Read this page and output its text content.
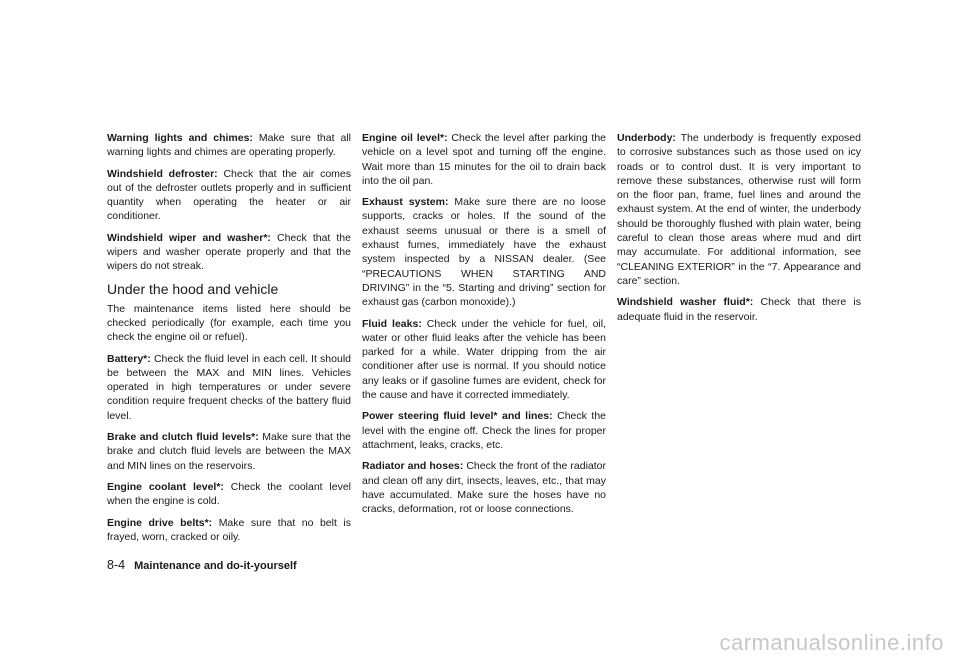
Warning lights and chimes: Make sure that all warning lights and chimes are operating properly.

Windshield defroster: Check that the air comes out of the defroster outlets properly and in sufficient quantity when operating the heater or air conditioner.

Windshield wiper and washer*: Check that the wipers and washer operate properly and that the wipers do not streak.

Under the hood and vehicle

The maintenance items listed here should be checked periodically (for example, each time you check the engine oil or refuel).

Battery*: Check the fluid level in each cell. It should be between the MAX and MIN lines. Vehicles operated in high temperatures or under severe condition require frequent checks of the battery fluid level.

Brake and clutch fluid levels*: Make sure that the brake and clutch fluid levels are between the MAX and MIN lines on the reservoirs.

Engine coolant level*: Check the coolant level when the engine is cold.

Engine drive belts*: Make sure that no belt is frayed, worn, cracked or oily.

Engine oil level*: Check the level after parking the vehicle on a level spot and turning off the engine. Wait more than 15 minutes for the oil to drain back into the oil pan.

Exhaust system: Make sure there are no loose supports, cracks or holes. If the sound of the exhaust seems unusual or there is a smell of exhaust fumes, immediately have the exhaust system inspected by a NISSAN dealer. (See “PRECAUTIONS WHEN STARTING AND DRIVING” in the “5. Starting and driving” section for exhaust gas (carbon monoxide).)

Fluid leaks: Check under the vehicle for fuel, oil, water or other fluid leaks after the vehicle has been parked for a while. Water dripping from the air conditioner after use is normal. If you should notice any leaks or if gasoline fumes are evident, check for the cause and have it corrected immediately.

Power steering fluid level* and lines: Check the level with the engine off. Check the lines for proper attachment, leaks, cracks, etc.

Radiator and hoses: Check the front of the radiator and clean off any dirt, insects, leaves, etc., that may have accumulated. Make sure the hoses have no cracks, deformation, rot or loose connections.

Underbody: The underbody is frequently exposed to corrosive substances such as those used on icy roads or to control dust. It is very important to remove these substances, otherwise rust will form on the floor pan, frame, fuel lines and around the exhaust system. At the end of winter, the underbody should be thoroughly flushed with plain water, being careful to clean those areas where mud and dirt may accumulate. For additional information, see “CLEANING EXTERIOR” in the “7. Appearance and care” section.

Windshield washer fluid*: Check that there is adequate fluid in the reservoir.

8-4 Maintenance and do-it-yourself
carmanualsonline.info
